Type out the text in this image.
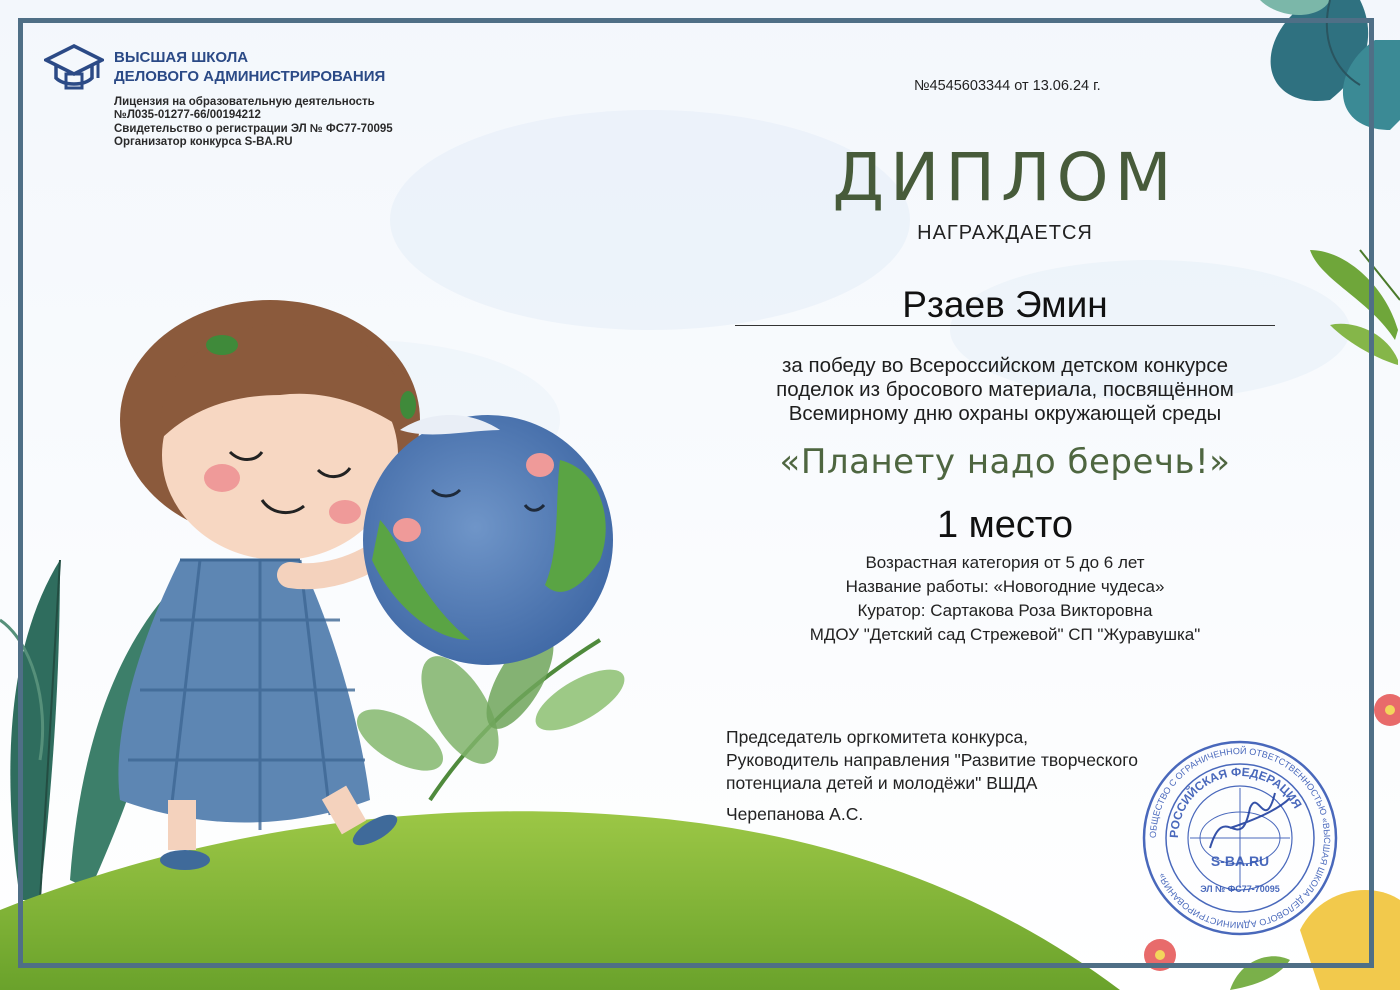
ВЫСШАЯ ШКОЛА
ДЕЛОВОГО АДМИНИСТРИРОВАНИЯ
Лицензия на образовательную деятельность
№Л035-01277-66/00194212
Свидетельство о регистрации ЭЛ № ФС77-70095
Организатор конкурса S-BA.RU
№4545603344 от 13.06.24 г.
ДИПЛОМ
НАГРАЖДАЕТСЯ
Рзаев Эмин
за победу во Всероссийском детском конкурсе
поделок из бросового материала, посвящённом
Всемирному дню охраны окружающей среды
«Планету надо беречь!»
1 место
Возрастная категория от 5 до 6 лет
Название работы: «Новогодние чудеса»
Куратор: Сартакова Роза Викторовна
МДОУ "Детский сад Стрежевой" СП "Журавушка"
Председатель оргкомитета конкурса,
Руководитель направления "Развитие творческого
потенциала детей и молодёжи" ВШДА
Черепанова А.С.
ОБЩЕСТВО С ОГРАНИЧЕННОЙ ОТВЕТСТВЕННОСТЬЮ «ВЫСШАЯ ШКОЛА ДЕЛОВОГО АДМИНИСТРИРОВАНИЯ»
РОССИЙСКАЯ ФЕДЕРАЦИЯ
S-BA.RU
ЭЛ № ФС77-70095
